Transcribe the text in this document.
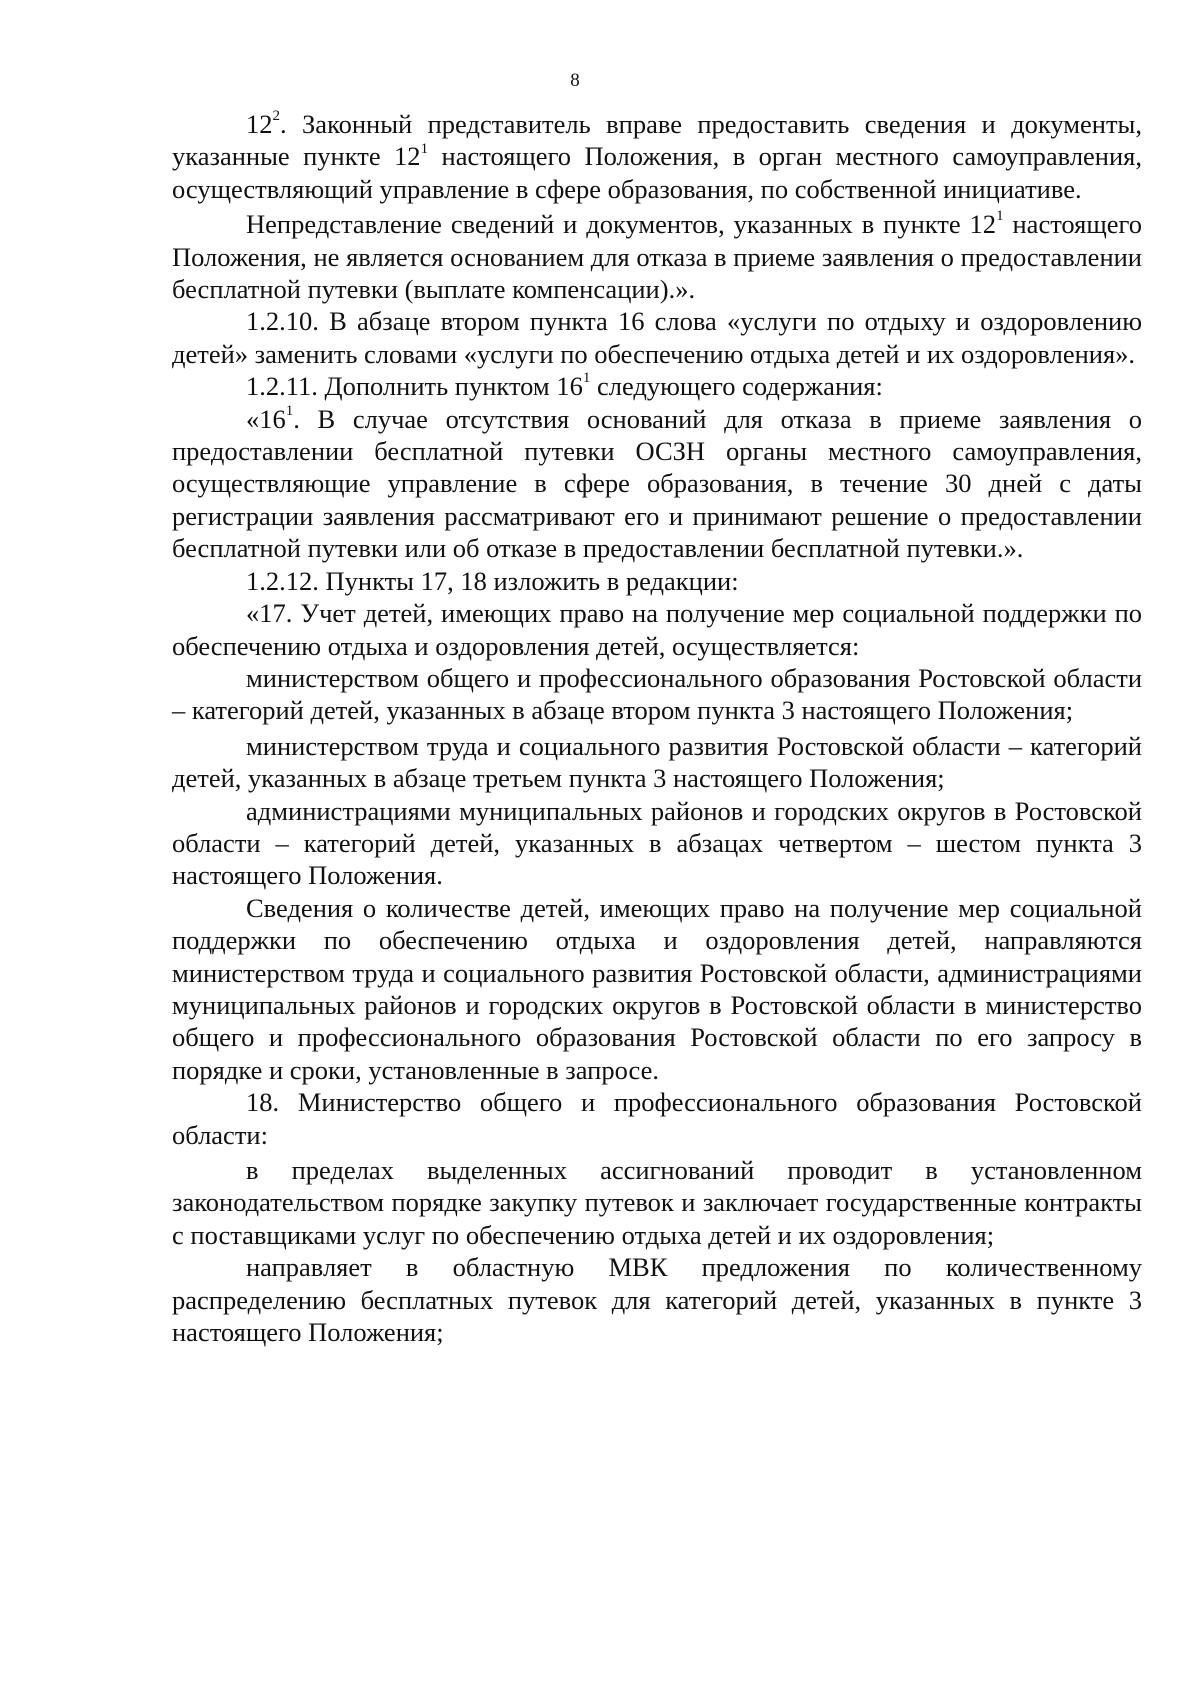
8

$12^2$. Законный представитель вправе предоставить сведения и документы, указанные пункте $12^1$ настоящего Положения, в орган местного самоуправления, осуществляющий управление в сфере образования, по собственной инициативе.

Непредставление сведений и документов, указанных в пункте $12^1$ настоящего Положения, не является основанием для отказа в приеме заявления о предоставлении бесплатной путевки (выплате компенсации).».

1.2.10. В абзаце втором пункта 16 слова «услуги по отдыху и оздоровлению детей» заменить словами «услуги по обеспечению отдыха детей и их оздоровления».

1.2.11. Дополнить пунктом $16^1$ следующего содержания:

«$16^1$. В случае отсутствия оснований для отказа в приеме заявления о предоставлении бесплатной путевки ОСЗН органы местного самоуправления, осуществляющие управление в сфере образования, в течение 30 дней с даты регистрации заявления рассматривают его и принимают решение о предоставлении бесплатной путевки или об отказе в предоставлении бесплатной путевки.».

1.2.12. Пункты 17, 18 изложить в редакции:

«17. Учет детей, имеющих право на получение мер социальной поддержки по обеспечению отдыха и оздоровления детей, осуществляется:

министерством общего и профессионального образования Ростовской области – категорий детей, указанных в абзаце втором пункта 3 настоящего Положения;

министерством труда и социального развития Ростовской области – категорий детей, указанных в абзаце третьем пункта 3 настоящего Положения;

администрациями муниципальных районов и городских округов в Ростовской области – категорий детей, указанных в абзацах четвертом – шестом пункта 3 настоящего Положения.

Сведения о количестве детей, имеющих право на получение мер социальной поддержки по обеспечению отдыха и оздоровления детей, направляются министерством труда и социального развития Ростовской области, администрациями муниципальных районов и городских округов в Ростовской области в министерство общего и профессионального образования Ростовской области по его запросу в порядке и сроки, установленные в запросе.

18. Министерство общего и профессионального образования Ростовской области:

в пределах выделенных ассигнований проводит в установленном законодательством порядке закупку путевок и заключает государственные контракты с поставщиками услуг по обеспечению отдыха детей и их оздоровления;

направляет в областную МВК предложения по количественному распределению бесплатных путевок для категорий детей, указанных в пункте 3 настоящего Положения;
